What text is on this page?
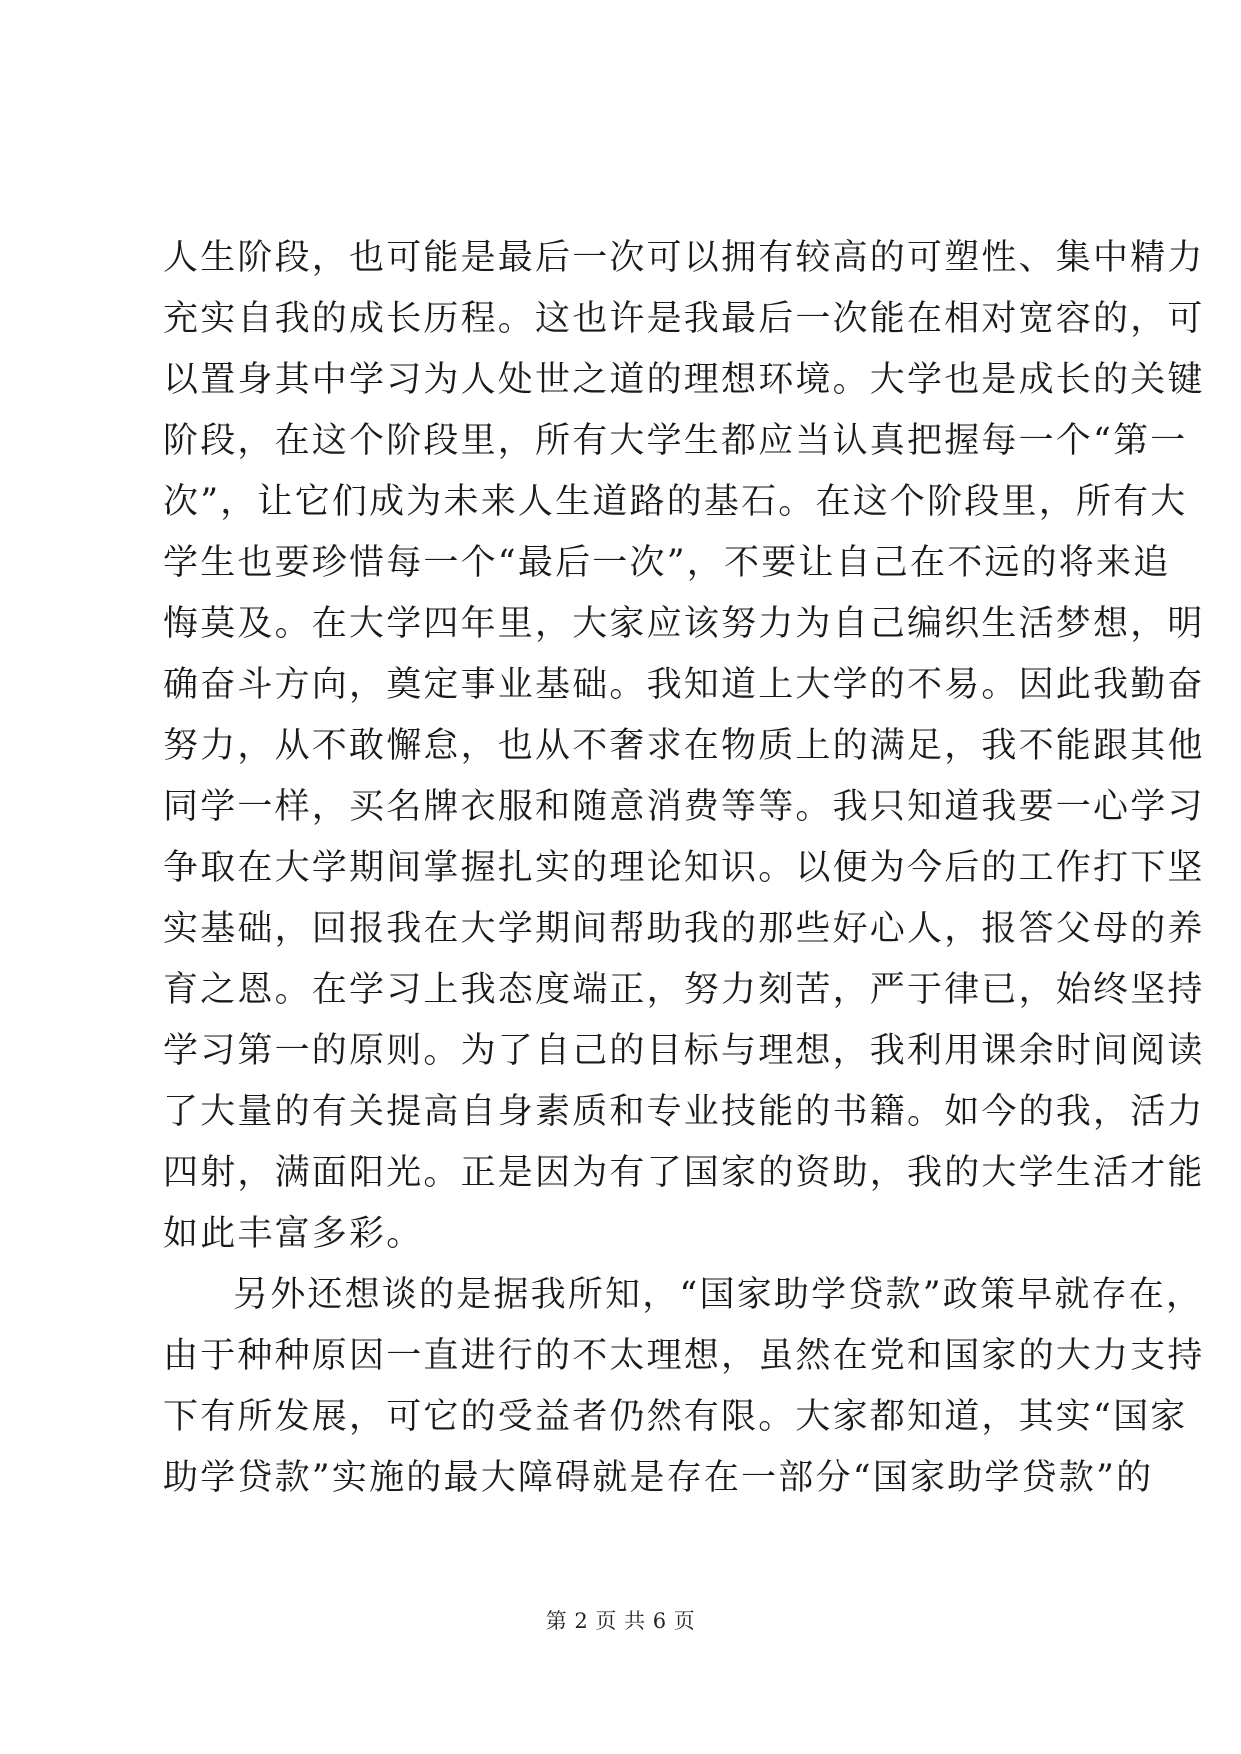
人生阶段，也可能是最后一次可以拥有较高的可塑性、集中精力
充实自我的成长历程。这也许是我最后一次能在相对宽容的，可
以置身其中学习为人处世之道的理想环境。大学也是成长的关键
阶段，在这个阶段里，所有大学生都应当认真把握每一个“第一
次”，让它们成为未来人生道路的基石。在这个阶段里，所有大
学生也要珍惜每一个“最后一次”，不要让自己在不远的将来追
悔莫及。在大学四年里，大家应该努力为自己编织生活梦想，明
确奋斗方向，奠定事业基础。我知道上大学的不易。因此我勤奋
努力，从不敢懈怠，也从不奢求在物质上的满足，我不能跟其他
同学一样，买名牌衣服和随意消费等等。我只知道我要一心学习
争取在大学期间掌握扎实的理论知识。以便为今后的工作打下坚
实基础，回报我在大学期间帮助我的那些好心人，报答父母的养
育之恩。在学习上我态度端正，努力刻苦，严于律已，始终坚持
学习第一的原则。为了自己的目标与理想，我利用课余时间阅读
了大量的有关提高自身素质和专业技能的书籍。如今的我，活力
四射，满面阳光。正是因为有了国家的资助，我的大学生活才能
如此丰富多彩。
另外还想谈的是据我所知，“国家助学贷款”政策早就存在，
由于种种原因一直进行的不太理想，虽然在党和国家的大力支持
下有所发展，可它的受益者仍然有限。大家都知道，其实“国家
助学贷款”实施的最大障碍就是存在一部分“国家助学贷款”的
第 2 页 共 6 页
